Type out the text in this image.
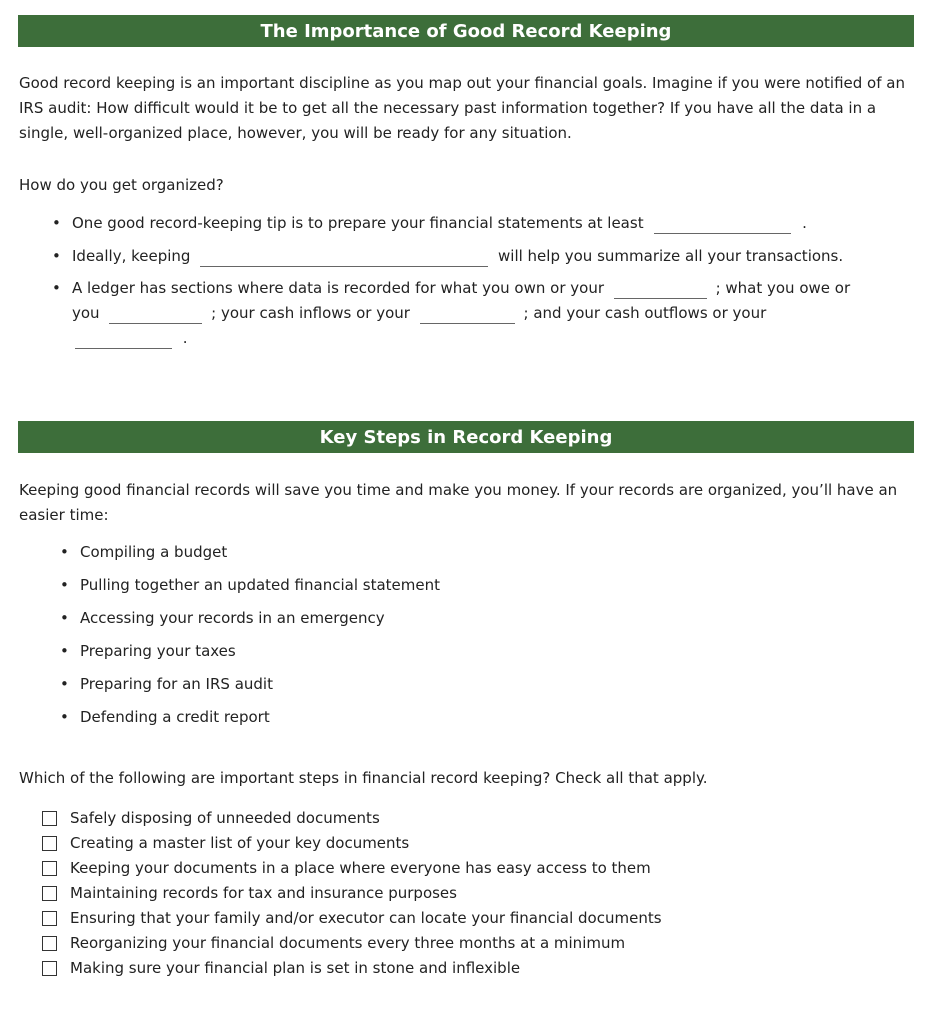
The Importance of Good Record Keeping

Good record keeping is an important discipline as you map out your financial goals. Imagine if you were notified of an IRS audit: How difficult would it be to get all the necessary past information together? If you have all the data in a single, well-organized place, however, you will be ready for any situation.

How do you get organized?

• One good record-keeping tip is to prepare your financial statements at least	.
• Ideally, keeping	will help you summarize all your transactions.
• A ledger has sections where data is recorded for what you own or your	; what you owe or
you	; your cash inflows or your	; and your cash outflows or your
.
Key Steps in Record Keeping

Keeping good financial records will save you time and make you money. If your records are organized, you’ll have an easier time:

• Compiling a budget
• Pulling together an updated financial statement
• Accessing your records in an emergency
• Preparing your taxes
• Preparing for an IRS audit
• Defending a credit report

Which of the following are important steps in financial record keeping? Check all that apply.

Safely disposing of unneeded documents
Creating a master list of your key documents
Keeping your documents in a place where everyone has easy access to them
Maintaining records for tax and insurance purposes
Ensuring that your family and/or executor can locate your financial documents
Reorganizing your financial documents every three months at a minimum
Making sure your financial plan is set in stone and inflexible
